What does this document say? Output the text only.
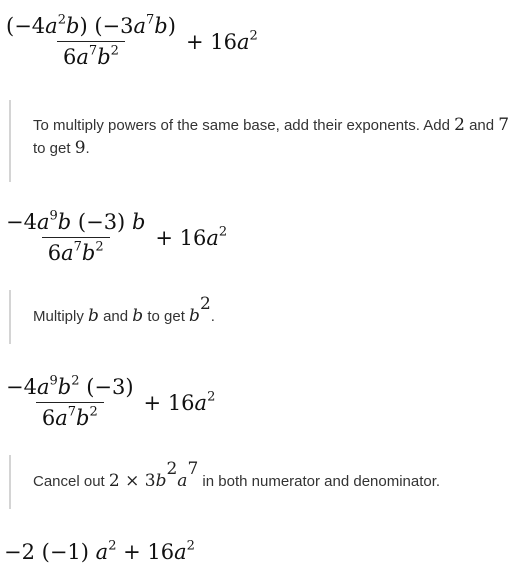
$\frac{(-4a^2b) (-3a^7b)}{6a^7b^2} + 16a^2$
To multiply powers of the same base, add their exponents. Add 2 and 7 to get 9.
$\frac{-4a^9b (-3) b}{6a^7b^2} + 16a^2$
Multiply b and b to get $b^2$.
$\frac{-4a^9b^2 (-3)}{6a^7b^2} + 16a^2$
Cancel out $2 \times 3b^2a^7$ in both numerator and denominator.
−2 (−1) $a^2 + 16a^2$
